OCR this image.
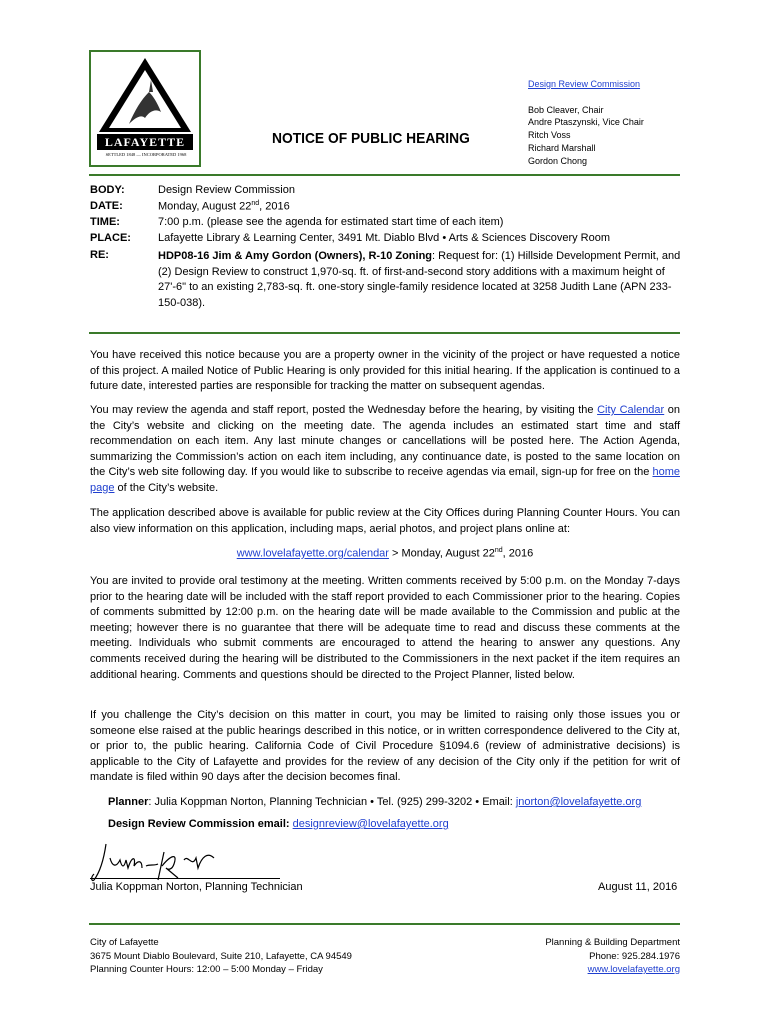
LAFAYETTE
SETTLED 1848 — INCORPORATED 1968
NOTICE OF PUBLIC HEARING
Design Review Commission
Bob Cleaver, Chair
Andre Ptaszynski, Vice Chair
Ritch Voss
Richard Marshall
Gordon Chong
BODY:	Design Review Commission
DATE:	Monday, August 22nd, 2016
TIME:	7:00 p.m. (please see the agenda for estimated start time of each item)
PLACE: Lafayette Library & Learning Center, 3491 Mt. Diablo Blvd • Arts & Sciences Discovery Room
RE:	HDP08-16 Jim & Amy Gordon (Owners), R-10 Zoning: Request for: (1) Hillside Development Permit, and (2) Design Review to construct 1,970-sq. ft. of first-and-second story additions with a maximum height of 27'-6" to an existing 2,783-sq. ft. one-story single-family residence located at 3258 Judith Lane (APN 233-150-038).
You have received this notice because you are a property owner in the vicinity of the project or have requested a notice of this project. A mailed Notice of Public Hearing is only provided for this initial hearing. If the application is continued to a future date, interested parties are responsible for tracking the matter on subsequent agendas.
You may review the agenda and staff report, posted the Wednesday before the hearing, by visiting the City Calendar on the City’s website and clicking on the meeting date. The agenda includes an estimated start time and staff recommendation on each item. Any last minute changes or cancellations will be posted here. The Action Agenda, summarizing the Commission’s action on each item including, any continuance date, is posted to the same location on the City’s web site following day. If you would like to subscribe to receive agendas via email, sign-up for free on the home page of the City’s website.
The application described above is available for public review at the City Offices during Planning Counter Hours. You can also view information on this application, including maps, aerial photos, and project plans online at:
www.lovelafayette.org/calendar > Monday, August 22nd, 2016
You are invited to provide oral testimony at the meeting. Written comments received by 5:00 p.m. on the Monday 7-days prior to the hearing date will be included with the staff report provided to each Commissioner prior to the hearing. Copies of comments submitted by 12:00 p.m. on the hearing date will be made available to the Commission and public at the meeting; however there is no guarantee that there will be adequate time to read and discuss these comments at the meeting. Individuals who submit comments are encouraged to attend the hearing to answer any questions. Any comments received during the hearing will be distributed to the Commissioners in the next packet if the item requires an additional hearing. Comments and questions should be directed to the Project Planner, listed below.
If you challenge the City’s decision on this matter in court, you may be limited to raising only those issues you or someone else raised at the public hearings described in this notice, or in written correspondence delivered to the City at, or prior to, the public hearing. California Code of Civil Procedure §1094.6 (review of administrative decisions) is applicable to the City of Lafayette and provides for the review of any decision of the City only if the petition for writ of mandate is filed within 90 days after the decision becomes final.
Planner: Julia Koppman Norton, Planning Technician • Tel. (925) 299-3202 • Email: jnorton@lovelafayette.org
Design Review Commission email: designreview@lovelafayette.org
Julia Koppman Norton, Planning Technician	August 11, 2016
City of Lafayette
3675 Mount Diablo Boulevard, Suite 210, Lafayette, CA 94549
Planning Counter Hours: 12:00 – 5:00 Monday – Friday
Planning & Building Department
Phone: 925.284.1976
www.lovelafayette.org
